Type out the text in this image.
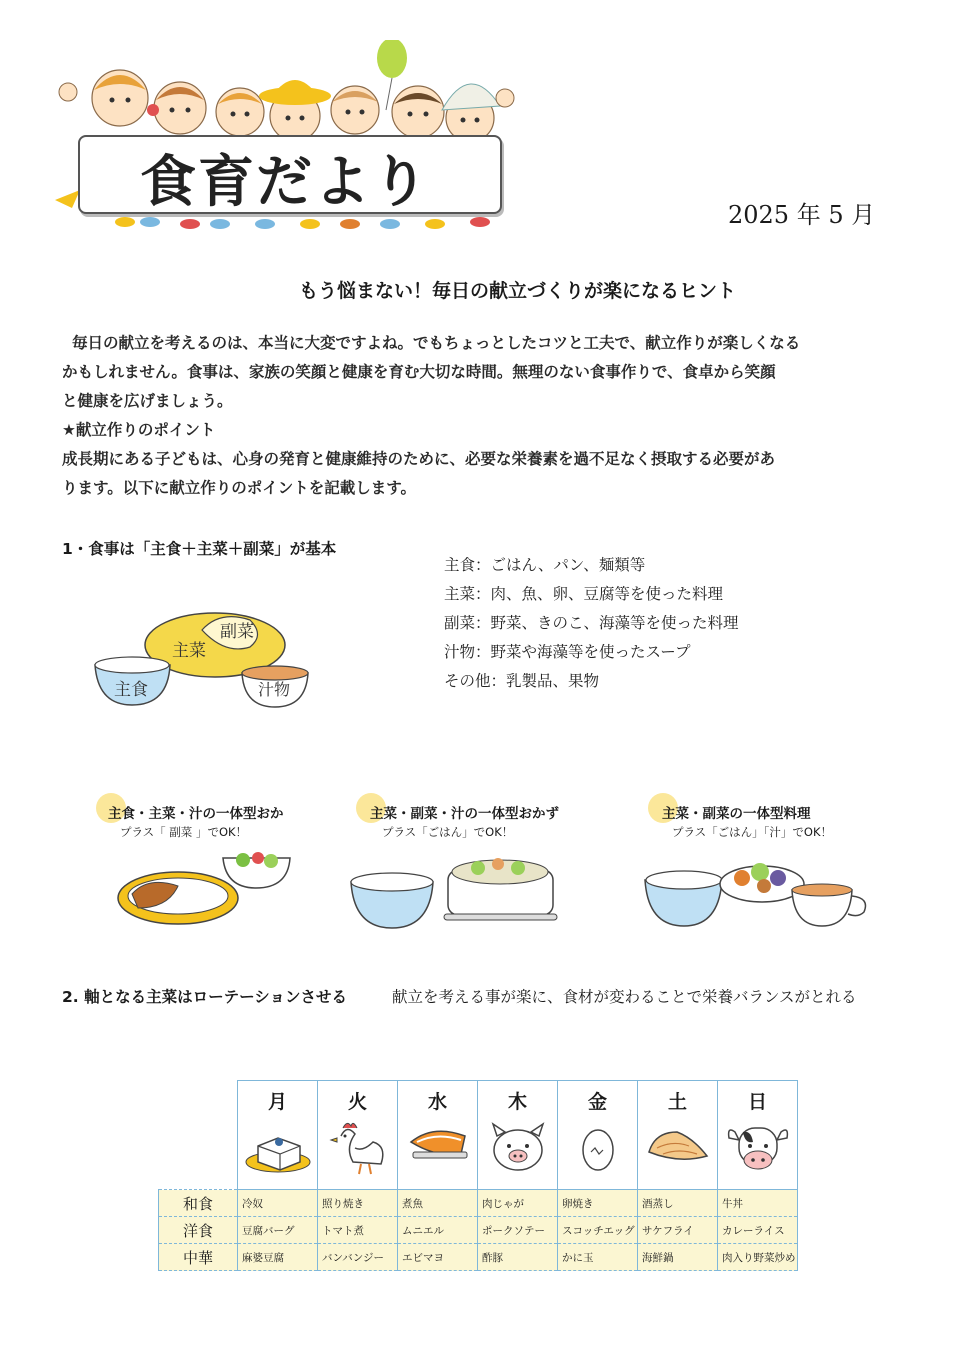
食育だより	2025 年 5 月
もう悩まない！毎日の献立づくりが楽になるヒント
毎日の献立を考えるのは、本当に大変ですよね。でもちょっとしたコツと工夫で、献立作りが楽しくなる
かもしれません。食事は、家族の笑顔と健康を育む大切な時間。無理のない食事作りで、食卓から笑顔
と健康を広げましょう。
★献立作りのポイント
成長期にある子どもは、心身の発育と健康維持のために、必要な栄養素を過不足なく摂取する必要があ
ります。以下に献立作りのポイントを記載します。
1・食事は「主食＋主菜＋副菜」が基本
主食
主菜
副菜
汁物
主食：ごはん、パン、麺類等
主菜：肉、魚、卵、豆腐等を使った料理
副菜：野菜、きのこ、海藻等を使った料理
汁物：野菜や海藻等を使ったスープ
その他：乳製品、果物
主食・主菜・汁の一体型おか
プラス「 副菜 」でOK！
主菜・副菜・汁の一体型おかず
プラス「ごはん」でOK！
主菜・副菜の一体型料理
プラス「ごはん」「汁」でOK！
2. 軸となる主菜はローテーションさせる	献立を考える事が楽に、食材が変わることで栄養バランスがとれる

	月	火	水	木	金	土	日

和食	冷奴	照り焼き	煮魚	肉じゃが	卵焼き	酒蒸し	牛丼
洋食	豆腐バーグ	トマト煮	ムニエル	ポークソテー	スコッチエッグ	サケフライ	カレーライス
中華	麻婆豆腐	バンバンジー	エビマヨ	酢豚	かに玉	海鮮鍋	肉入り野菜炒め
